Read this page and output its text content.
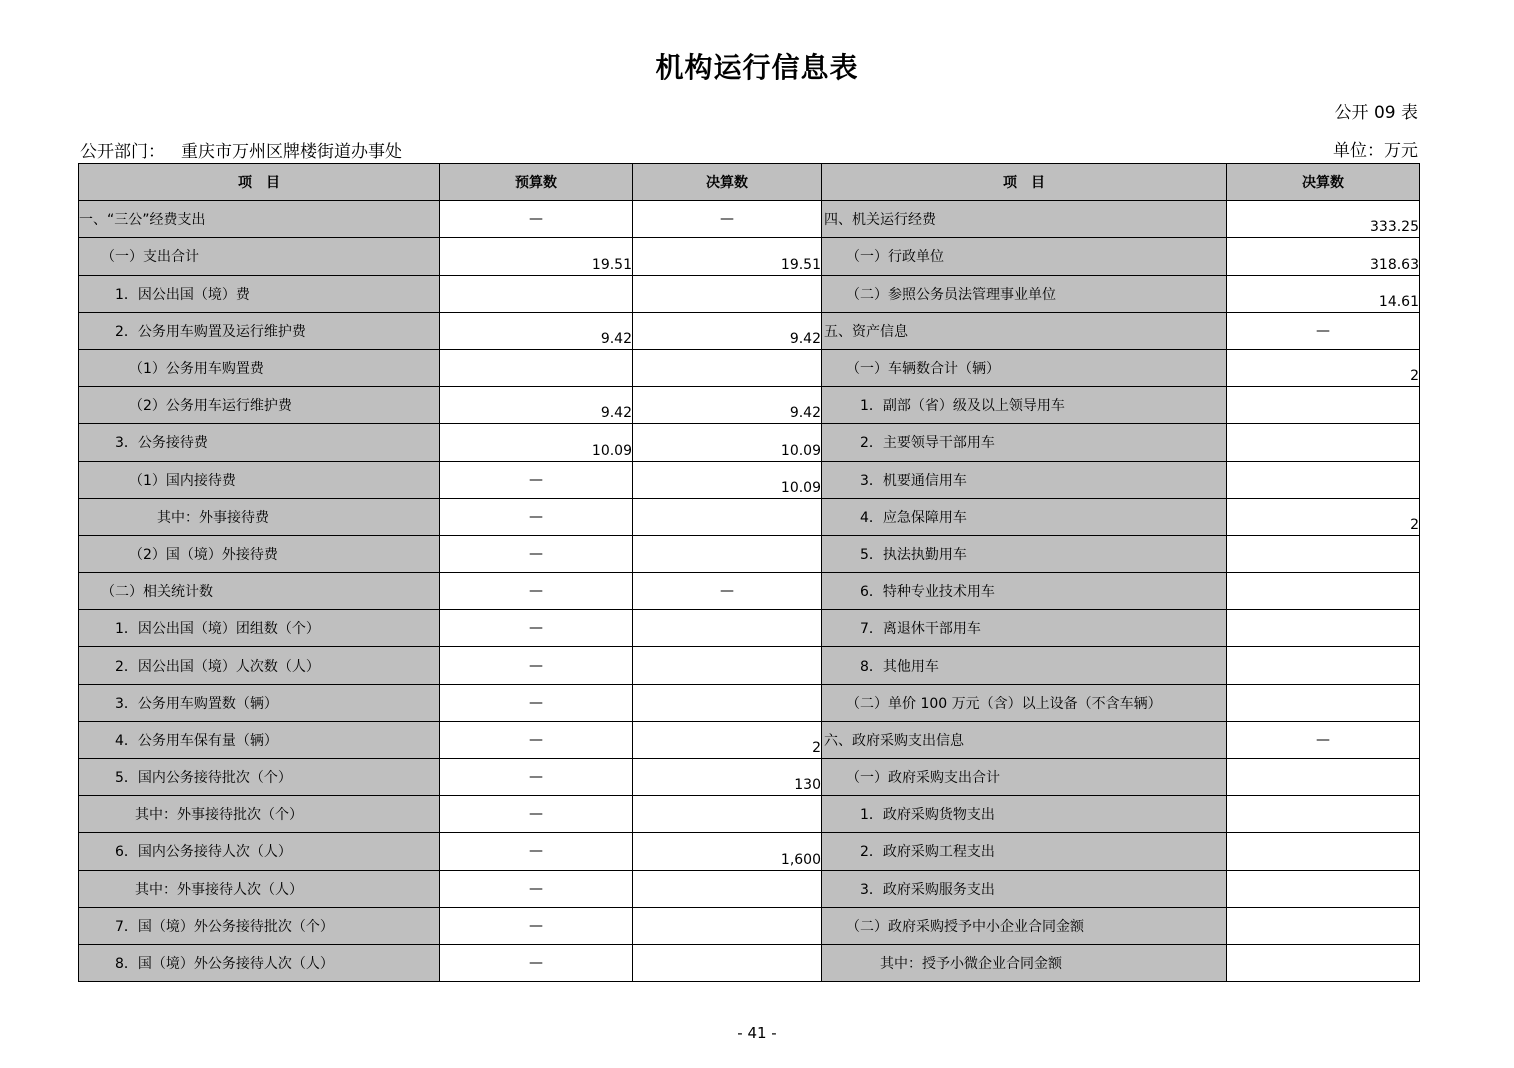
机构运行信息表
公开 09 表
公开部门： 重庆市万州区牌楼街道办事处	单位：万元
项　目	预算数	决算数	项　目	决算数
一、“三公”经费支出	—	—	四、机关运行经费	333.25
（一）支出合计	19.51	19.51	（一）行政单位	318.63
1．因公出国（境）费			（二）参照公务员法管理事业单位	14.61
2．公务用车购置及运行维护费	9.42	9.42	五、资产信息	—
（1）公务用车购置费			（一）车辆数合计（辆）	2
（2）公务用车运行维护费	9.42	9.42	1．副部（省）级及以上领导用车	
3．公务接待费	10.09	10.09	2．主要领导干部用车	
（1）国内接待费	—	10.09	3．机要通信用车	
其中：外事接待费	—		4．应急保障用车	2
（2）国（境）外接待费	—		5．执法执勤用车	
（二）相关统计数	—	—	6．特种专业技术用车	
1．因公出国（境）团组数（个）	—		7．离退休干部用车	
2．因公出国（境）人次数（人）	—		8．其他用车	
3．公务用车购置数（辆）	—		（二）单价 100 万元（含）以上设备（不含车辆）	
4．公务用车保有量（辆）	—	2	六、政府采购支出信息	—
5．国内公务接待批次（个）	—	130	（一）政府采购支出合计	
其中：外事接待批次（个）	—		1．政府采购货物支出	
6．国内公务接待人次（人）	—	1,600	2．政府采购工程支出	
其中：外事接待人次（人）	—		3．政府采购服务支出	
7．国（境）外公务接待批次（个）	—		（二）政府采购授予中小企业合同金额	
8．国（境）外公务接待人次（人）	—		其中：授予小微企业合同金额	
- 41 -
